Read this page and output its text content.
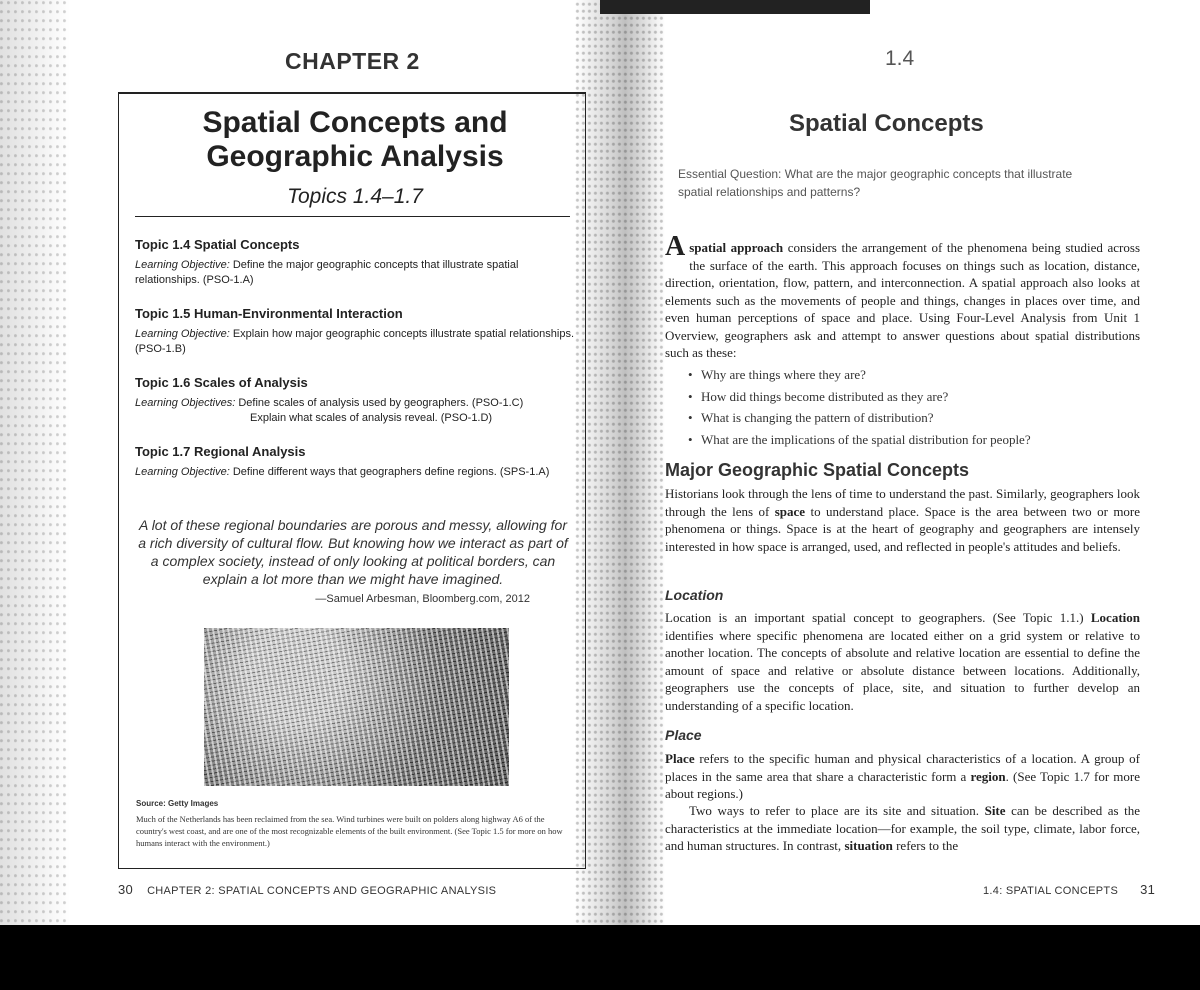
CHAPTER 2
Spatial Concepts and Geographic Analysis
Topics 1.4–1.7
Topic 1.4 Spatial Concepts

Learning Objective: Define the major geographic concepts that illustrate spatial relationships. (PSO-1.A)

Topic 1.5 Human-Environmental Interaction

Learning Objective: Explain how major geographic concepts illustrate spatial relationships. (PSO-1.B)

Topic 1.6 Scales of Analysis

Learning Objectives: Define scales of analysis used by geographers. (PSO-1.C)
Explain what scales of analysis reveal. (PSO-1.D)

Topic 1.7 Regional Analysis

Learning Objective: Define different ways that geographers define regions. (SPS-1.A)

A lot of these regional boundaries are porous and messy, allowing for a rich diversity of cultural flow. But knowing how we interact as part of a complex society, instead of only looking at political borders, can explain a lot more than we might have imagined.
—Samuel Arbesman, Bloomberg.com, 2012
Source: Getty Images
Much of the Netherlands has been reclaimed from the sea. Wind turbines were built on polders along highway A6 of the country's west coast, and are one of the most recognizable elements of the built environment. (See Topic 1.5 for more on how humans interact with the environment.)
30 CHAPTER 2: SPATIAL CONCEPTS AND GEOGRAPHIC ANALYSIS
1.4
Spatial Concepts
Essential Question: What are the major geographic concepts that illustrate spatial relationships and patterns?
Aspatial approach considers the arrangement of the phenomena being studied across the surface of the earth. This approach focuses on things such as location, distance, direction, orientation, flow, pattern, and interconnection. A spatial approach also looks at elements such as the movements of people and things, changes in places over time, and even human perceptions of space and place. Using Four-Level Analysis from Unit 1 Overview, geographers ask and attempt to answer questions about spatial distributions such as these:
• Why are things where they are?
• How did things become distributed as they are?
• What is changing the pattern of distribution?
• What are the implications of the spatial distribution for people?
Major Geographic Spatial Concepts
Historians look through the lens of time to understand the past. Similarly, geographers look through the lens of space to understand place. Space is the area between two or more phenomena or things. Space is at the heart of geography and geographers are intensely interested in how space is arranged, used, and reflected in people's attitudes and beliefs.
Location
Location is an important spatial concept to geographers. (See Topic 1.1.) Location identifies where specific phenomena are located either on a grid system or relative to another location. The concepts of absolute and relative location are essential to define the amount of space and relative or absolute distance between locations. Additionally, geographers use the concepts of place, site, and situation to further develop an understanding of a specific location.
Place
Place refers to the specific human and physical characteristics of a location. A group of places in the same area that share a characteristic form a region. (See Topic 1.7 for more about regions.)
Two ways to refer to place are its site and situation. Site can be described as the characteristics at the immediate location—for example, the soil type, climate, labor force, and human structures. In contrast, situation refers to the
1.4: SPATIAL CONCEPTS 31
